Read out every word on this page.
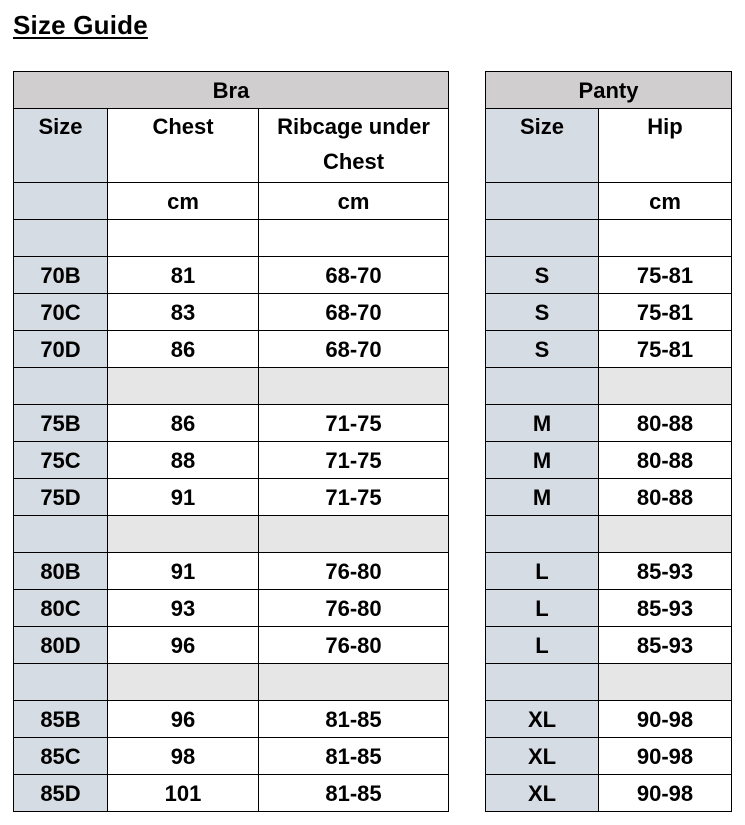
Size Guide
Bra		
Size	Chest	Ribcage under Chest
	cm	cm

70B	81	68-70
70C	83	68-70
70D	86	68-70

75B	86	71-75
75C	88	71-75
75D	91	71-75

80B	91	76-80
80C	93	76-80
80D	96	76-80

85B	96	81-85
85C	98	81-85
85D	101	81-85
Panty	
Size	Hip
	cm

S	75-81
S	75-81
S	75-81

M	80-88
M	80-88
M	80-88

L	85-93
L	85-93
L	85-93

XL	90-98
XL	90-98
XL	90-98
